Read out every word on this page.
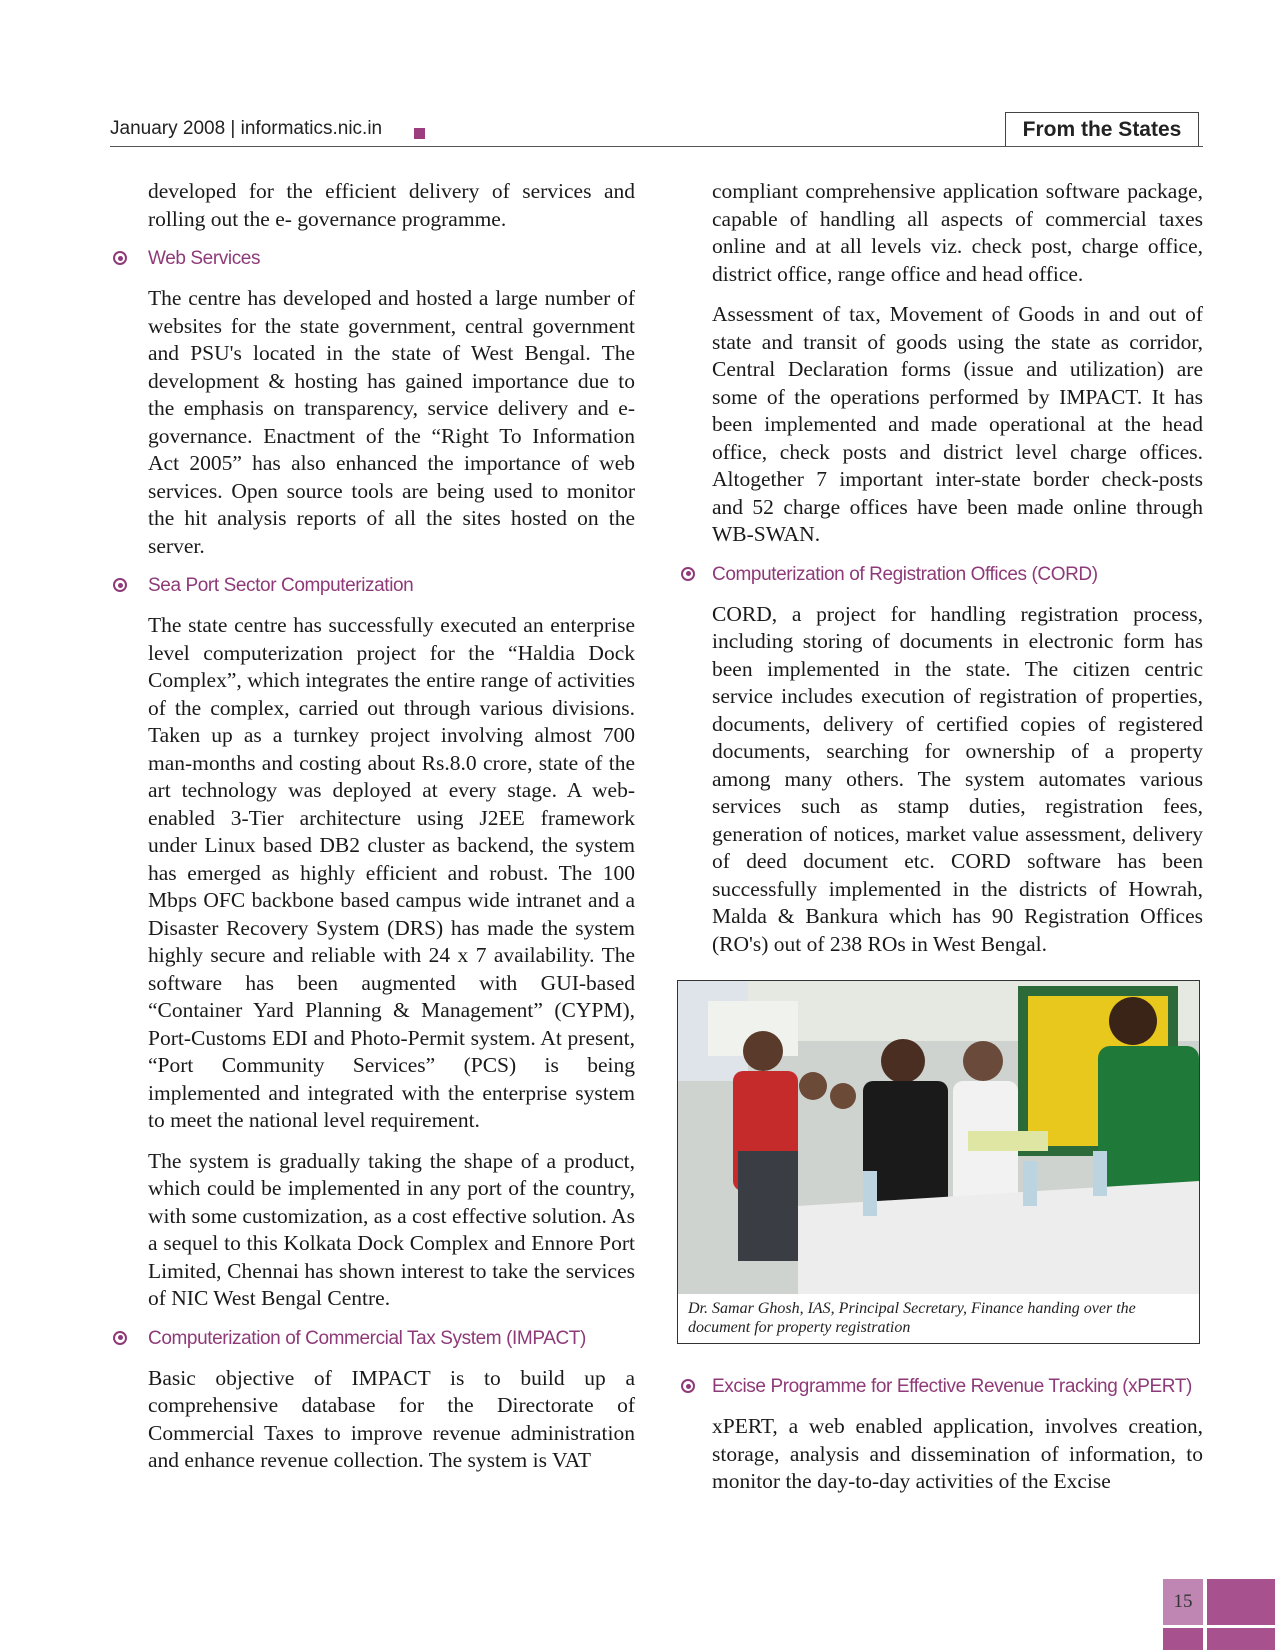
January 2008 | informatics.nic.in	From the States

developed for the efficient delivery of services and rolling out the e- governance programme.

Web Services

The centre has developed and hosted a large number of websites for the state government, central government and PSU's located in the state of West Bengal. The development & hosting has gained importance due to the emphasis on transparency, service delivery and e-governance. Enactment of the “Right To Information Act 2005” has also enhanced the importance of web services. Open source tools are being used to monitor the hit analysis reports of all the sites hosted on the server.

Sea Port Sector Computerization

The state centre has successfully executed an enterprise level computerization project for the “Haldia Dock Complex”, which integrates the entire range of activities of the complex, carried out through various divisions. Taken up as a turnkey project involving almost 700 man-months and costing about Rs.8.0 crore, state of the art technology was deployed at every stage. A web-enabled 3-Tier architecture using J2EE framework under Linux based DB2 cluster as backend, the system has emerged as highly efficient and robust. The 100 Mbps OFC backbone based campus wide intranet and a Disaster Recovery System (DRS) has made the system highly secure and reliable with 24 x 7 availability. The software has been augmented with GUI-based “Container Yard Planning & Management” (CYPM), Port-Customs EDI and Photo-Permit system. At present, “Port Community Services” (PCS) is being implemented and integrated with the enterprise system to meet the national level requirement.

The system is gradually taking the shape of a product, which could be implemented in any port of the country, with some customization, as a cost effective solution. As a sequel to this Kolkata Dock Complex and Ennore Port Limited, Chennai has shown interest to take the services of NIC West Bengal Centre.

Computerization of Commercial Tax System (IMPACT)

Basic objective of IMPACT is to build up a comprehensive database for the Directorate of Commercial Taxes to improve revenue administration and enhance revenue collection. The system is VAT

compliant comprehensive application software package, capable of handling all aspects of commercial taxes online and at all levels viz. check post, charge office, district office, range office and head office.

Assessment of tax, Movement of Goods in and out of state and transit of goods using the state as corridor, Central Declaration forms (issue and utilization) are some of the operations performed by IMPACT. It has been implemented and made operational at the head office, check posts and district level charge offices. Altogether 7 important inter-state border check-posts and 52 charge offices have been made online through WB-SWAN.

Computerization of Registration Offices (CORD)

CORD, a project for handling registration process, including storing of documents in electronic form has been implemented in the state. The citizen centric service includes execution of registration of properties, documents, delivery of certified copies of registered documents, searching for ownership of a property among many others. The system automates various services such as stamp duties, registration fees, generation of notices, market value assessment, delivery of deed document etc. CORD software has been successfully implemented in the districts of Howrah, Malda & Bankura which has 90 Registration Offices (RO's) out of 238 ROs in West Bengal.

Dr. Samar Ghosh, IAS, Principal Secretary, Finance handing over the document for property registration
Excise Programme for Effective Revenue Tracking (xPERT)

xPERT, a web enabled application, involves creation, storage, analysis and dissemination of information, to monitor the day-to-day activities of the Excise

15
